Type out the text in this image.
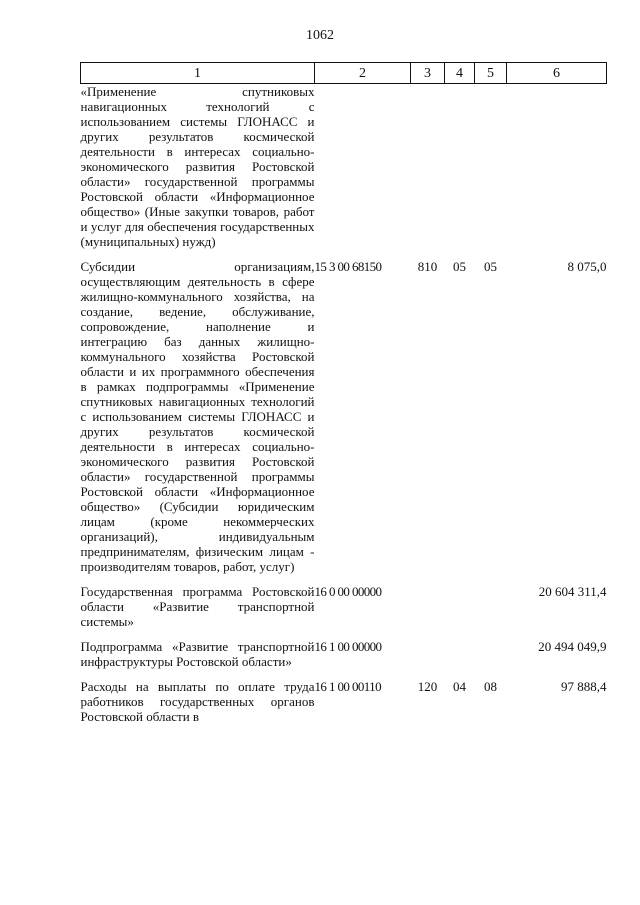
1062
1	2	3	4	5	6
«Применение спутниковых навигационных технологий с использованием системы ГЛОНАСС и других результатов космической деятельности в интересах социально-экономического развития Ростовской области» государственной программы Ростовской области «Информационное общество» (Иные закупки товаров, работ и услуг для обеспечения государственных (муниципальных) нужд)					
Субсидии организациям, осуществляющим деятельность в сфере жилищно-коммунального хозяйства, на создание, ведение, обслуживание, сопровождение, наполнение и интеграцию баз данных жилищно-коммунального хозяйства Ростовской области и их программного обеспечения в рамках подпрограммы «Применение спутниковых навигационных технологий с использованием системы ГЛОНАСС и других результатов космической деятельности в интересах социально-экономического развития Ростовской области» государственной программы Ростовской области «Информационное общество» (Субсидии юридическим лицам (кроме некоммерческих организаций), индивидуальным предпринимателям, физическим лицам - производителям товаров, работ, услуг)	15 3 00 68150	810	05	05	8 075,0
Государственная программа Ростовской области «Развитие транспортной системы»	16 0 00 00000				20 604 311,4
Подпрограмма «Развитие транспортной инфраструктуры Ростовской области»	16 1 00 00000				20 494 049,9
Расходы на выплаты по оплате труда работников государственных органов Ростовской области в	16 1 00 00110	120	04	08	97 888,4
